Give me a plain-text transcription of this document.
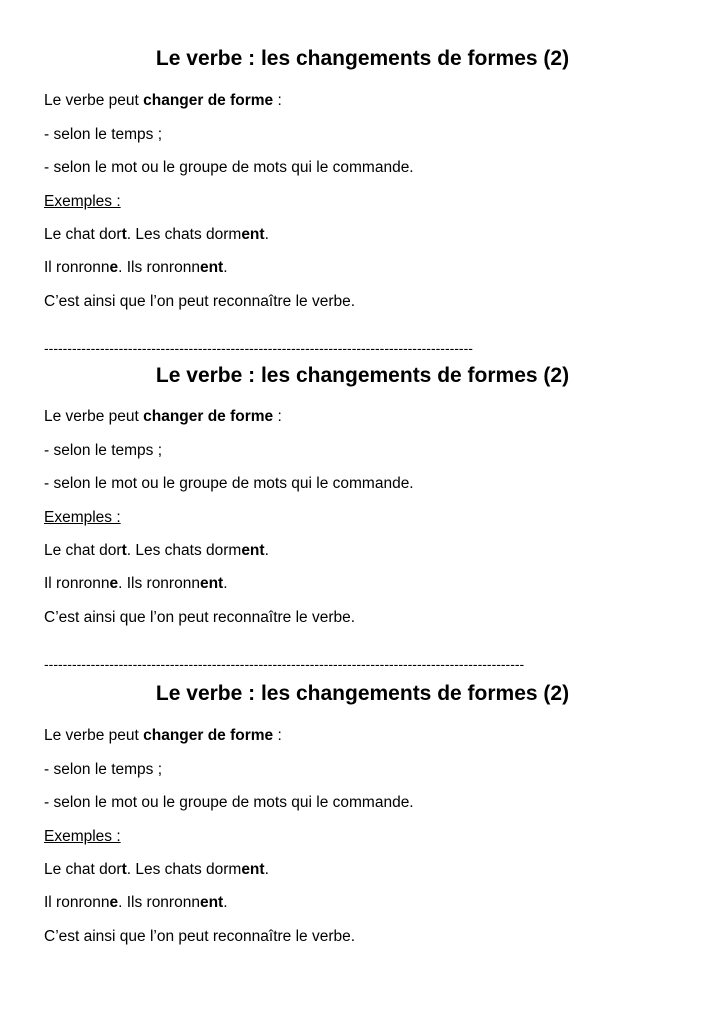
Le verbe : les changements de formes (2)
Le verbe peut changer de forme :
- selon le temps ;
- selon le mot ou le groupe de mots qui le commande.
Exemples :
Le chat dort. Les chats dorment.
Il ronronne. Ils ronronnent.
C’est ainsi que l’on peut reconnaître le verbe.
--------------------------------------------------------------------------------------------
Le verbe : les changements de formes (2)
Le verbe peut changer de forme :
- selon le temps ;
- selon le mot ou le groupe de mots qui le commande.
Exemples :
Le chat dort. Les chats dorment.
Il ronronne. Ils ronronnent.
C’est ainsi que l’on peut reconnaître le verbe.
-------------------------------------------------------------------------------------------------------
Le verbe : les changements de formes (2)
Le verbe peut changer de forme :
- selon le temps ;
- selon le mot ou le groupe de mots qui le commande.
Exemples :
Le chat dort. Les chats dorment.
Il ronronne. Ils ronronnent.
C’est ainsi que l’on peut reconnaître le verbe.
